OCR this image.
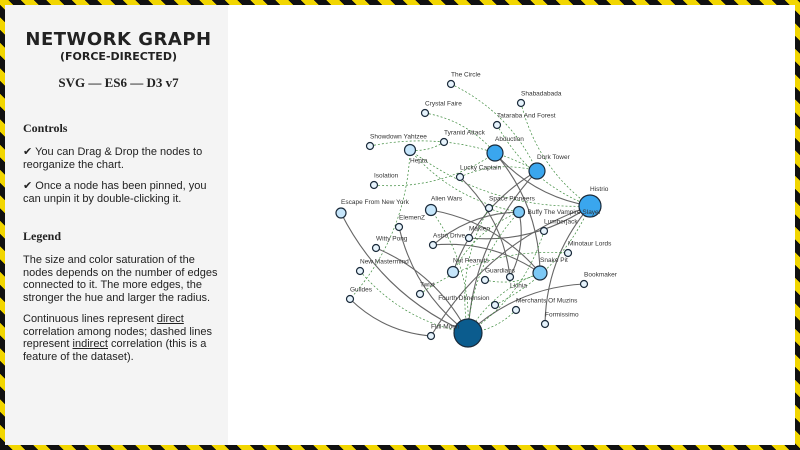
NETWORK GRAPH
(FORCE-DIRECTED)
SVG — ES6 — D3 v7
Controls

✔ You can Drag & Drop the nodes to reorganize the chart.

✔ Once a node has been pinned, you can unpin it by double-clicking it.

Legend

The size and color saturation of the nodes depends on the number of edges connected to it. The more edges, the stronger the hue and larger the radius.

Continuous lines represent direct correlation among nodes; dashed lines represent indirect correlation (this is a feature of the dataset).

The Circle
Shabadabada
Crystal Faire
Tataraba And Forest
Showdown Yahtzee
Hepta
Tyranid Attack
Abduction
Dork Tower
Lucky Captain
Isolation
Histrio
Alien Wars	Space Pioneers
Buffy The Vampire Slayer
Escape From New York
ElemenZ
Lumberjack
Makien
Astro Drive
Witty Pong
Minotaur Lords
Nut Peanuts	Snake Pit
New Mastermind
Guardians
Lichia
Bookmaker
Twixt
Guildes
Merchants Of Muzins
Fourth Dimension
Full Moon
Formissimo
